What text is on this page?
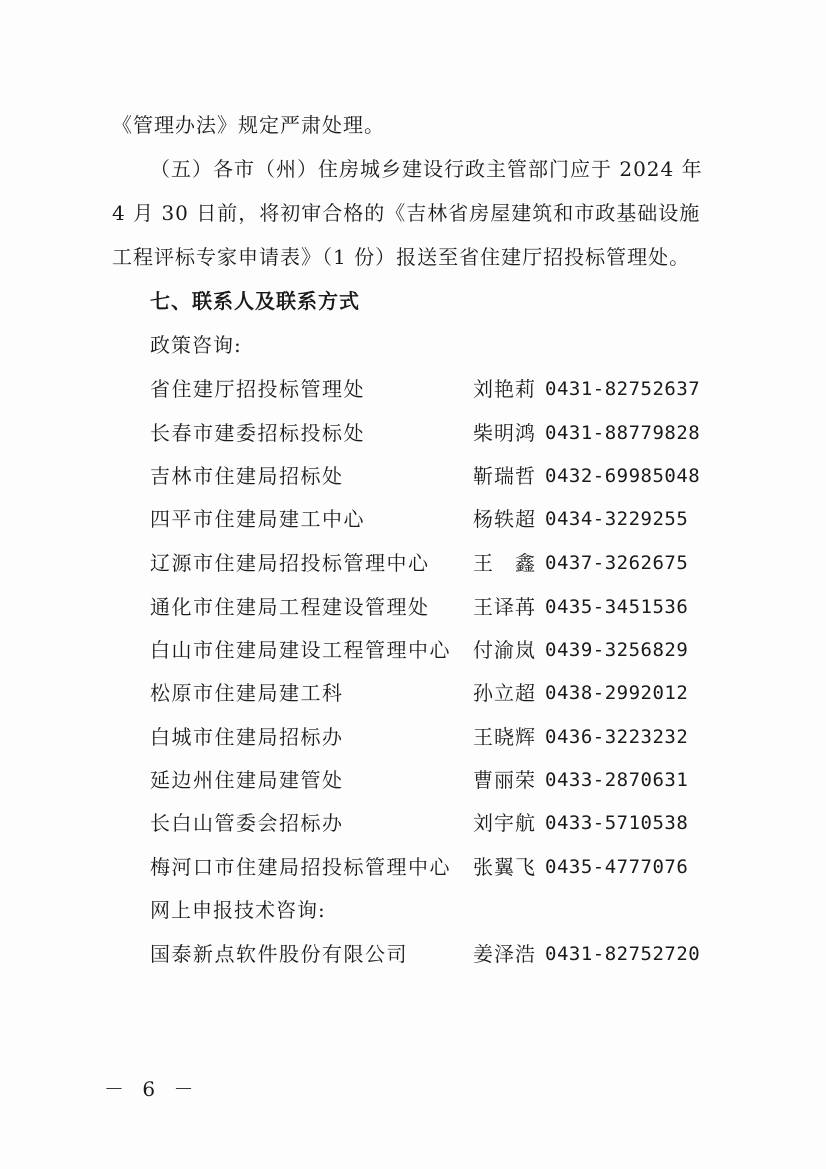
《管理办法》规定严肃处理。
（五）各市（州）住房城乡建设行政主管部门应于 2024 年
4 月 30 日前，将初审合格的《吉林省房屋建筑和市政基础设施
工程评标专家申请表》（1 份）报送至省住建厅招投标管理处。
七、联系人及联系方式
政策咨询:
省住建厅招投标管理处	刘艳莉 0431-82752637
长春市建委招标投标处	柴明鸿 0431-88779828
吉林市住建局招标处	靳瑞哲 0432-69985048
四平市住建局建工中心	杨轶超 0434-3229255
辽源市住建局招投标管理中心 王　鑫 0437-3262675
通化市住建局工程建设管理处 王译苒 0435-3451536
白山市住建局建设工程管理中心 付渝岚 0439-3256829
松原市住建局建工科	孙立超 0438-2992012
白城市住建局招标办	王晓辉 0436-3223232
延边州住建局建管处	曹丽荣 0433-2870631
长白山管委会招标办	刘宇航 0433-5710538
梅河口市住建局招投标管理中心 张翼飞 0435-4777076
网上申报技术咨询:
国泰新点软件股份有限公司	姜泽浩 0431-82752720
－ 6 －
